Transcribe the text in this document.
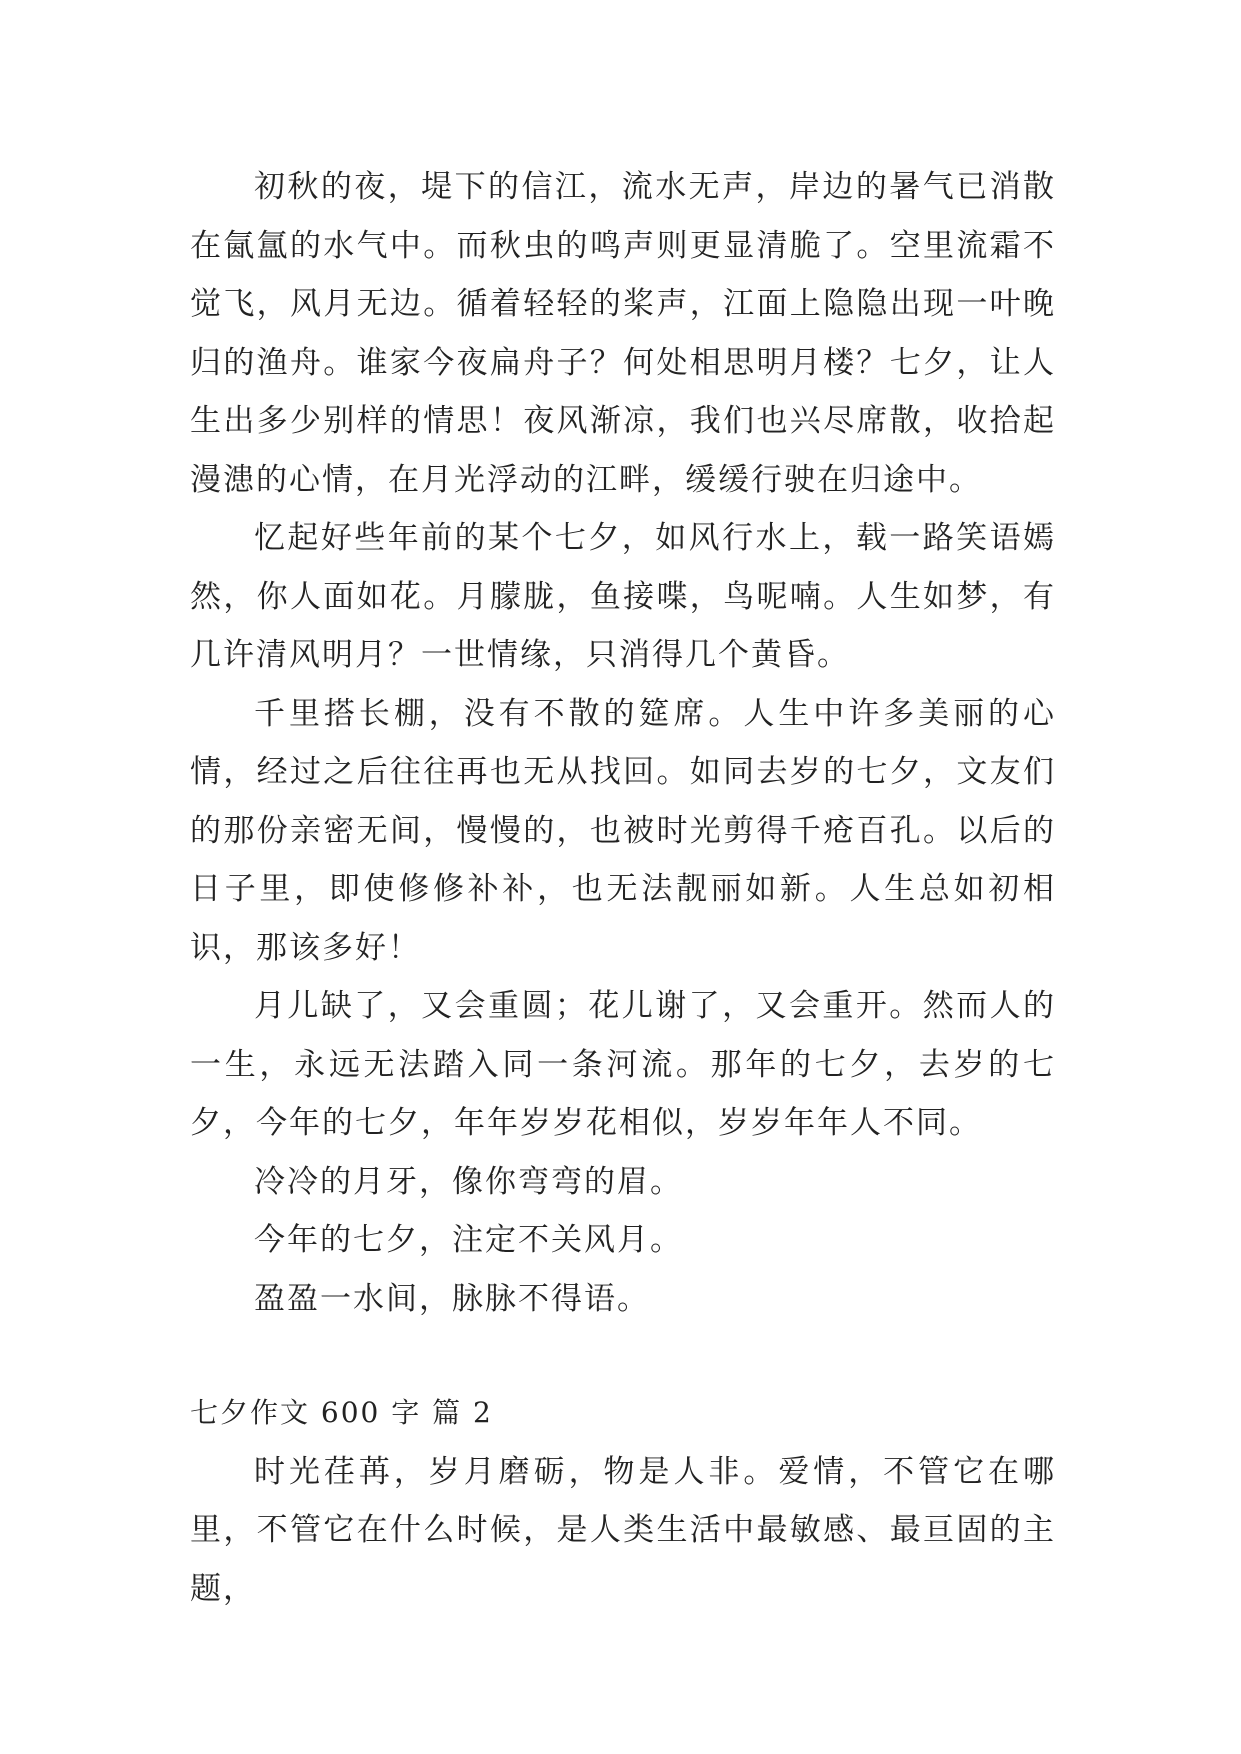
初秋的夜，堤下的信江，流水无声，岸边的暑气已消散在氤氲的水气中。而秋虫的鸣声则更显清脆了。空里流霜不觉飞，风月无边。循着轻轻的桨声，江面上隐隐出现一叶晚归的渔舟。谁家今夜扁舟子？何处相思明月楼？七夕，让人生出多少别样的情思！夜风渐凉，我们也兴尽席散，收拾起漫漶的心情，在月光浮动的江畔，缓缓行驶在归途中。

忆起好些年前的某个七夕，如风行水上，载一路笑语嫣然，你人面如花。月朦胧，鱼接喋，鸟呢喃。人生如梦，有几许清风明月？一世情缘，只消得几个黄昏。

千里搭长棚，没有不散的筵席。人生中许多美丽的心情，经过之后往往再也无从找回。如同去岁的七夕，文友们的那份亲密无间，慢慢的，也被时光剪得千疮百孔。以后的日子里，即使修修补补，也无法靓丽如新。人生总如初相识，那该多好！

月儿缺了，又会重圆；花儿谢了，又会重开。然而人的一生，永远无法踏入同一条河流。那年的七夕，去岁的七夕，今年的七夕，年年岁岁花相似，岁岁年年人不同。

冷冷的月牙，像你弯弯的眉。

今年的七夕，注定不关风月。

盈盈一水间，脉脉不得语。

七夕作文 600 字 篇 2

时光荏苒，岁月磨砺，物是人非。爱情，不管它在哪里，不管它在什么时候，是人类生活中最敏感、最亘固的主题，
